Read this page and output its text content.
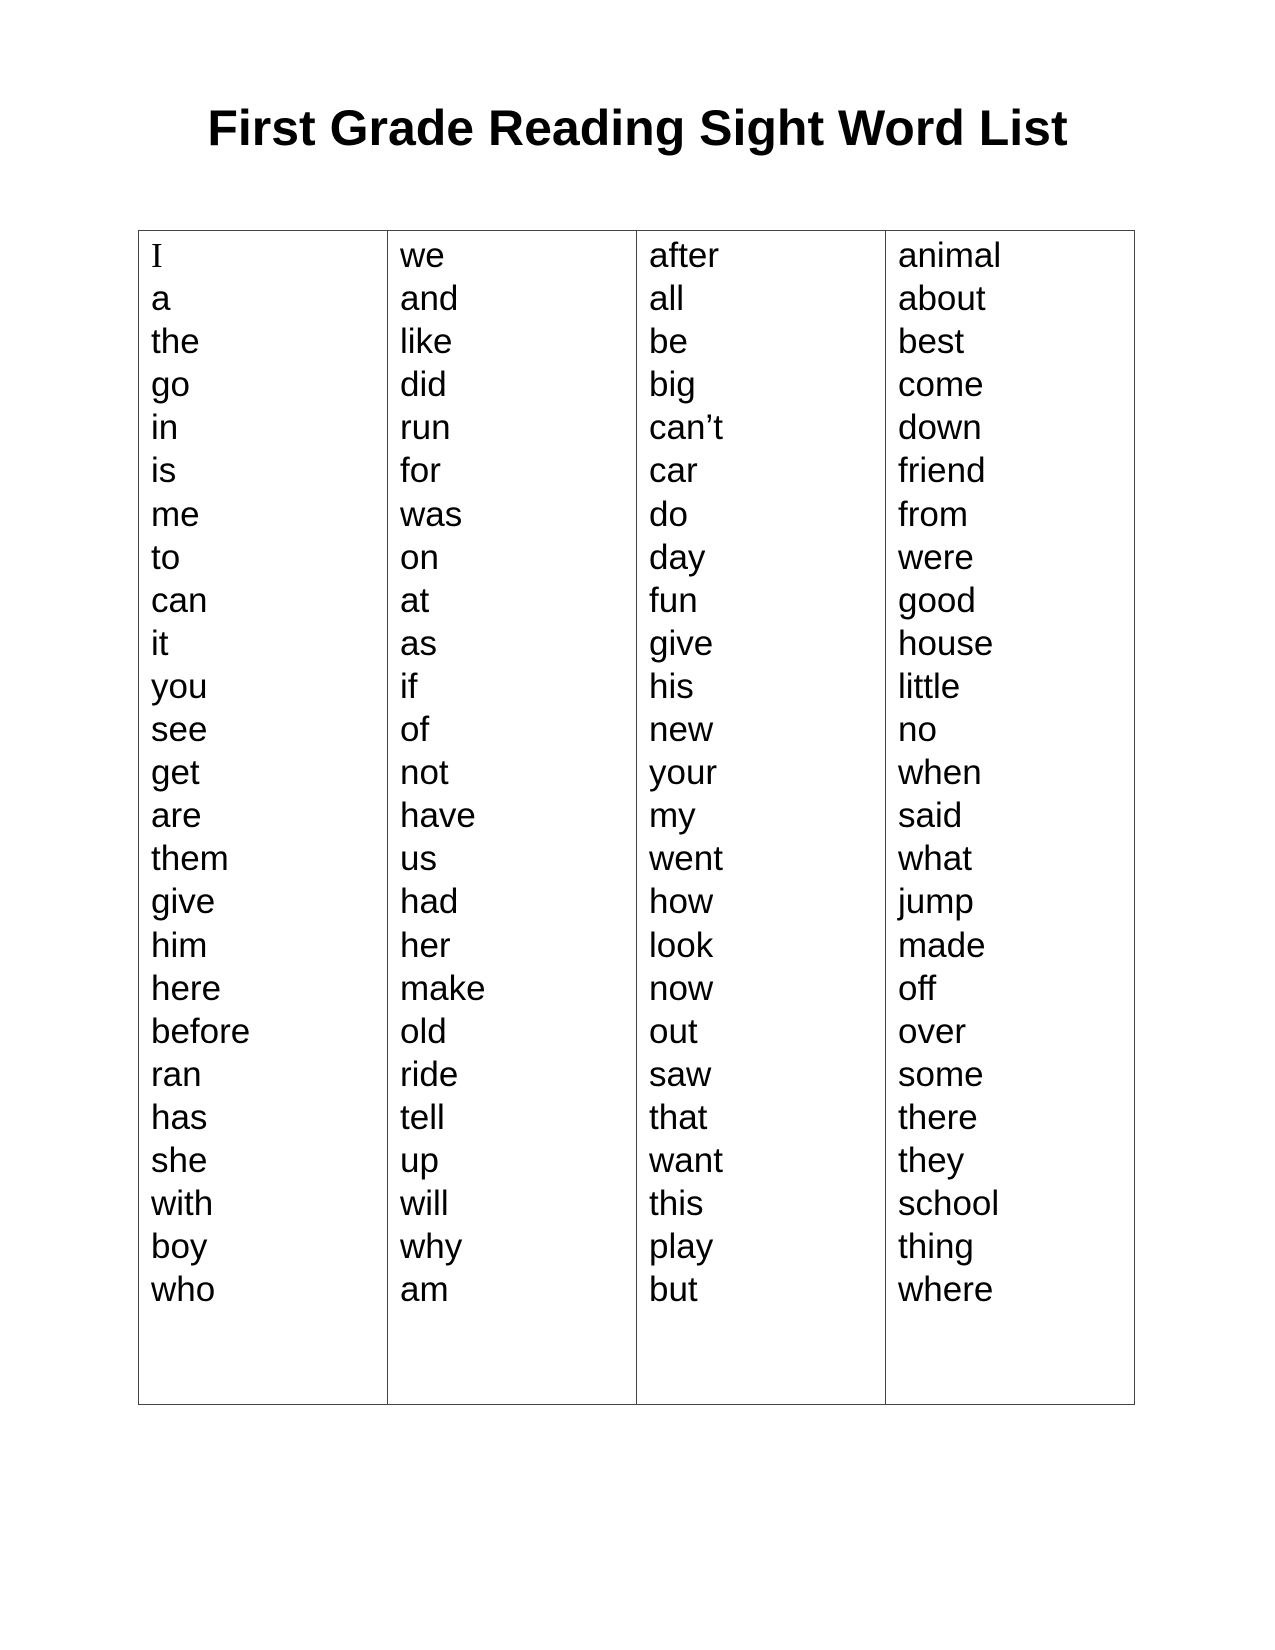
First Grade Reading Sight Word List
I
a
the
go
in
is
me
to
can
it
you
see
get
are
them
give
him
here
before
ran
has
she
with
boy
who

we
and
like
did
run
for
was
on
at
as
if
of
not
have
us
had
her
make
old
ride
tell
up
will
why
am

after
all
be
big
can’t
car
do
day
fun
give
his
new
your
my
went
how
look
now
out
saw
that
want
this
play
but

animal
about
best
come
down
friend
from
were
good
house
little
no
when
said
what
jump
made
off
over
some
there
they
school
thing
where
